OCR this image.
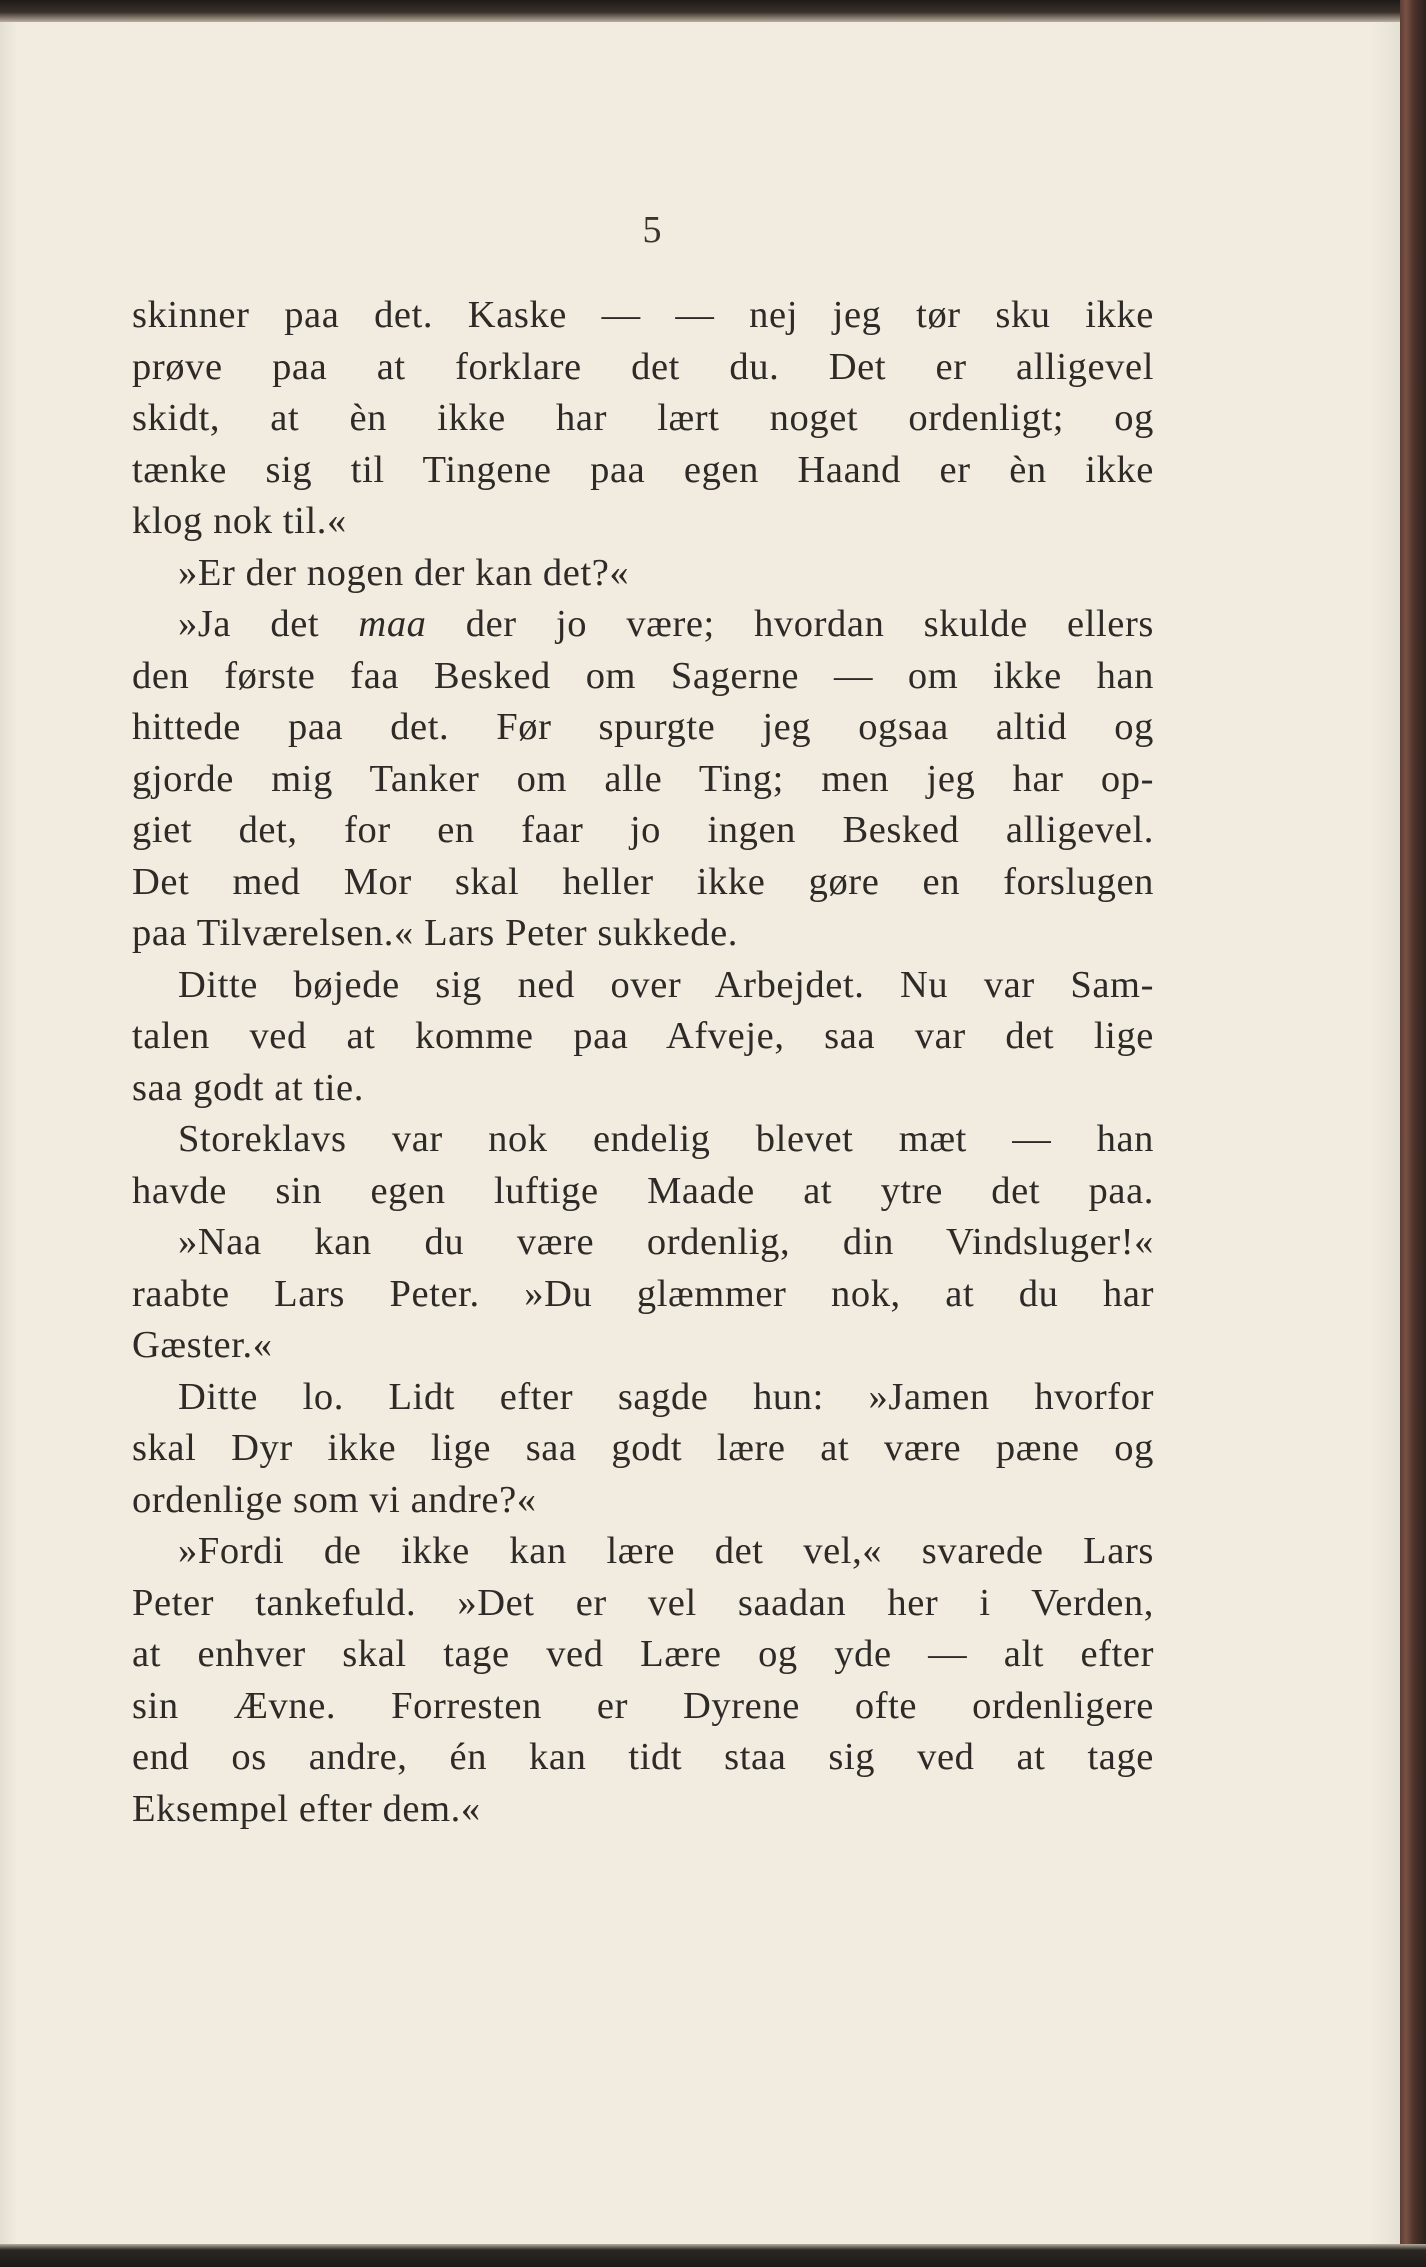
5
skinner paa det. Kaske — — nej jeg tør sku ikke
prøve paa at forklare det du. Det er alligevel
skidt, at èn ikke har lært noget ordenligt; og
tænke sig til Tingene paa egen Haand er èn ikke
klog nok til.«
»Er der nogen der kan det?«
»Ja det maa der jo være; hvordan skulde ellers
den første faa Besked om Sagerne — om ikke han
hittede paa det. Før spurgte jeg ogsaa altid og
gjorde mig Tanker om alle Ting; men jeg har op-
giet det, for en faar jo ingen Besked alligevel.
Det med Mor skal heller ikke gøre en forslugen
paa Tilværelsen.« Lars Peter sukkede.
Ditte bøjede sig ned over Arbejdet. Nu var Sam-
talen ved at komme paa Afveje, saa var det lige
saa godt at tie.
Storeklavs var nok endelig blevet mæt — han
havde sin egen luftige Maade at ytre det paa.
»Naa kan du være ordenlig, din Vindsluger!«
raabte Lars Peter. »Du glæmmer nok, at du har
Gæster.«
Ditte lo. Lidt efter sagde hun: »Jamen hvorfor
skal Dyr ikke lige saa godt lære at være pæne og
ordenlige som vi andre?«
»Fordi de ikke kan lære det vel,« svarede Lars
Peter tankefuld. »Det er vel saadan her i Verden,
at enhver skal tage ved Lære og yde — alt efter
sin Ævne. Forresten er Dyrene ofte ordenligere
end os andre, én kan tidt staa sig ved at tage
Eksempel efter dem.«
